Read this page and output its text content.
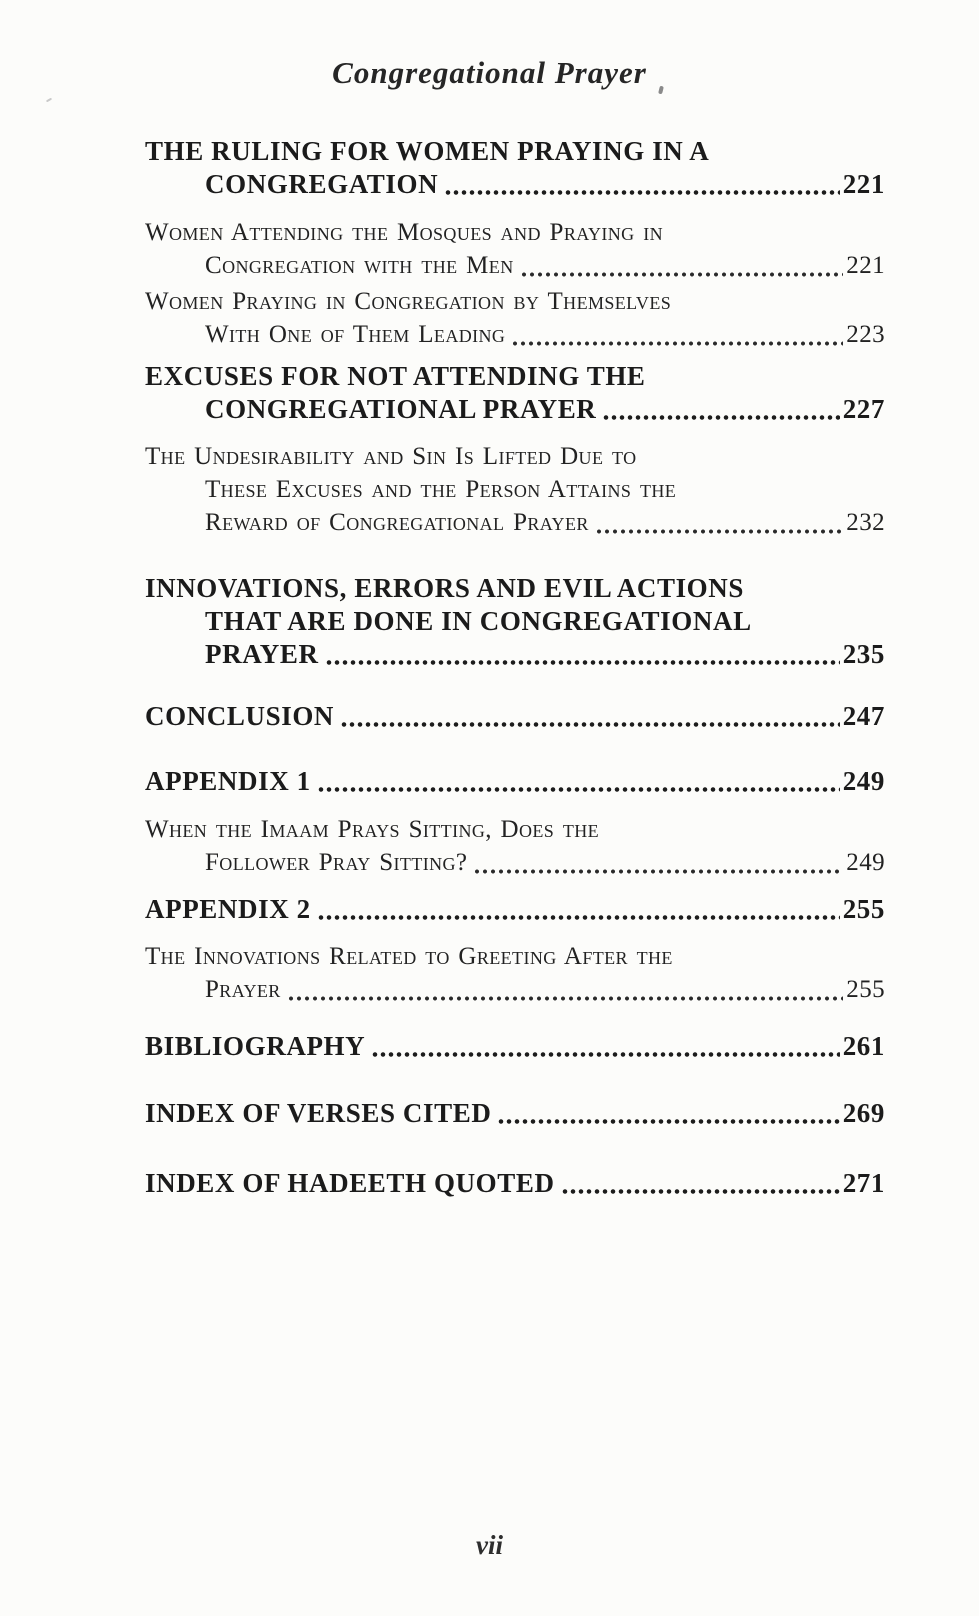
Congregational Prayer
THE RULING FOR WOMEN PRAYING IN A
CONGREGATION	221
Women Attending the Mosques and Praying in
Congregation with the Men	221
Women Praying in Congregation by Themselves
With One of Them Leading	223
EXCUSES FOR NOT ATTENDING THE
CONGREGATIONAL PRAYER	227
The Undesirability and Sin Is Lifted Due to
These Excuses and the Person Attains the
Reward of Congregational Prayer	232
INNOVATIONS, ERRORS AND EVIL ACTIONS
THAT ARE DONE IN CONGREGATIONAL
PRAYER	235
CONCLUSION	247
APPENDIX 1	249
When the Imaam Prays Sitting, Does the
Follower Pray Sitting?	249
APPENDIX 2	255
The Innovations Related to Greeting After the
Prayer	255
BIBLIOGRAPHY	261
INDEX OF VERSES CITED	269
INDEX OF HADEETH QUOTED	271
vii
